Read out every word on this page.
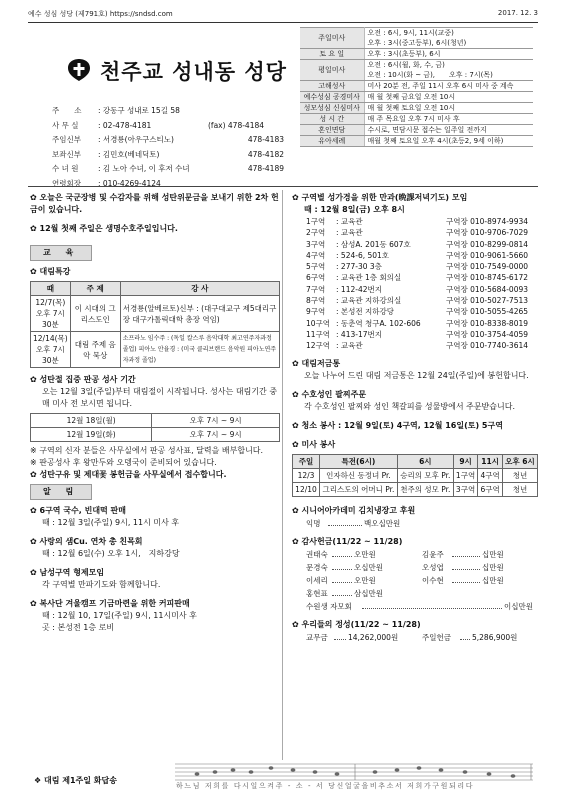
예수 성심 성당 (제791호) https://sndsd.com	2017. 12. 3
천주교 성내동 성당
주　　소 : 강동구 성내로 15길 58
사 무 실	: 02-478-4181	(fax) 478-4184
주임신부 : 서경룡(아우구스티노)	478-4183
보좌신부 : 김민호(베네딕토)	478-4182
수 녀 원	: 김 노아 수녀, 이 후저 수녀	478-4189
연령회장 : 010-4269-4124
주일미사	오전 : 6시, 9시, 11시(교중)
오후 : 3시(중고등부), 6시(청년)

토 요 일	오후 : 3시(초등부), 6시

평일미사	오전 : 6시(월, 화, 수, 금)
오전 : 10시(화 ~ 금),　　오후 : 7시(목)

고해성사	미사 20분 전, 주일 11시 오후 6시 미사 중 계속

예수성심 공경미사	매 월 첫째 금요일 오전 10시

성모성심 신심미사	매 월 첫째 토요일 오전 10시

성 시 간	매 주 목요일 오후 7시 미사 후

혼인면담	수시로, 면담시문 접수는 일주일 전까지

유아세례	매월 첫째 토요일 오후 4시(초등2, 9세 이하)
✿ 오늘은 국군장병 및 수감자를 위해 성탄위문금을 보내기 위한 2차 헌금이 있습니다.
✿ 12월 첫째 주일은 생명수호주일입니다.
교 육
✿ 대림특강
때	주 제	강 사
12/7(목) 오후 7시 30분	이 시대의 그리스도인	서경룡(알베르토)신부 : (대구대교구 제5대리구장 대구가톨릭대학 총장 역임)
12/14(목) 오후 7시 30분	대림 주제 음악 묵상	소프라노 임수주 : (독일 칼스루 음악대학 최고연주자과정 졸업) 피아노 안율경 : (미국 클리브랜드 음악원 피아노연주자과정 졸업)
✿ 성탄절 집중 판공 성사 기간
오는 12월 3일(주일)부터 대림절이 시작됩니다. 성사는 대림기간 중 매 미사 전 보시면 됩니다.
12월 18일(월)	오후 7시 ~ 9시
12월 19일(화)	오후 7시 ~ 9시
※ 구역의 신자 분들은 사무실에서 판공 성사표, 달력을 배부합니다.
※ 판공성사 후 왕만두와 오뎅국이 준비되어 있습니다.
✿ 성탄구유 및 제대꽃 봉헌금을 사무실에서 접수합니다.
알 림
✿ 6구역 국수, 빈대떡 판매
때 : 12월 3일(주일) 9시, 11시 미사 후
✿ 사랑의 샘Cu. 연차 총 친목회
때 : 12월 6일(수) 오후 1시,　지하강당
✿ 남성구역 형제모임
각 구역별 만파기도와 함께합니다.
✿ 복사단 겨울캠프 기금마련을 위한 커피판매
때 : 12월 10, 17일(주일) 9시, 11시미사 후
곳 : 본성전 1층 로비
❖ 대림 제1주일 화답송
✿ 구역별 성가경을 위한 만과(晩課저녁기도) 모임
때 : 12월 8일(금) 오후 8시
1구역 : 교육관	구역장 010-8974-9934
2구역 : 교육관	구역장 010-9706-7029
3구역 : 삼성A. 201동 607호	구역장 010-8299-0814
4구역 : 524-6, 501호	구역장 010-9061-5660
5구역 : 277-30 3층	구역장 010-7549-0000
6구역 : 교육관 1층 회의실	구역장 010-8745-6172
7구역 : 112-42번지	구역장 010-5684-0093
8구역 : 교육관 지하강의실	구역장 010-5027-7513
9구역 : 본성전 지하강당	구역장 010-5055-4265
10구역 : 동춘역 청구A. 102-606	구역장 010-8338-8019
11구역 : 413-17번지	구역장 010-3754-4059
12구역 : 교육관	구역장 010-7740-3614
✿ 대림저금통
오늘 나누어 드린 대림 저금통은 12월 24일(주일)에 봉헌합니다.
✿ 수호성인 팔찌주문
각 수호성인 팔찌와 성인 책갈피를 성물방에서 주문받습니다.
✿ 청소 봉사 : 12월 9일(토) 4구역, 12월 16일(토) 5구역
✿ 미사 봉사
주일	특전(6시)	6시	9시	11시	오후 6시
12/3	인자하신 동정녀 Pr.	승리의 모후 Pr.	1구역	4구역	청년
12/10	그리스도의 어머니 Pr.	천주의 성모 Pr.	3구역	6구역	청년
✿ 시니어아카데미 김치냉장고 후원
익명	백오십만원
✿ 감사헌금(11/22 ~ 11/28)
권태숙	오만원	김윤주	십만원
문경숙	오십만원	오성엽	십만원
이세리	오만원	이수현	십만원
홍현표	삼십만원
수원생 자모회	이십만원
✿ 우리들의 정성(11/22 ~ 11/28)
교무금	14,262,000원	주일헌금	5,286,900원
하느님 저희를 다시일으켜주 - 소 - 서 당신얼굴을비추소서 저희가구원되리다
